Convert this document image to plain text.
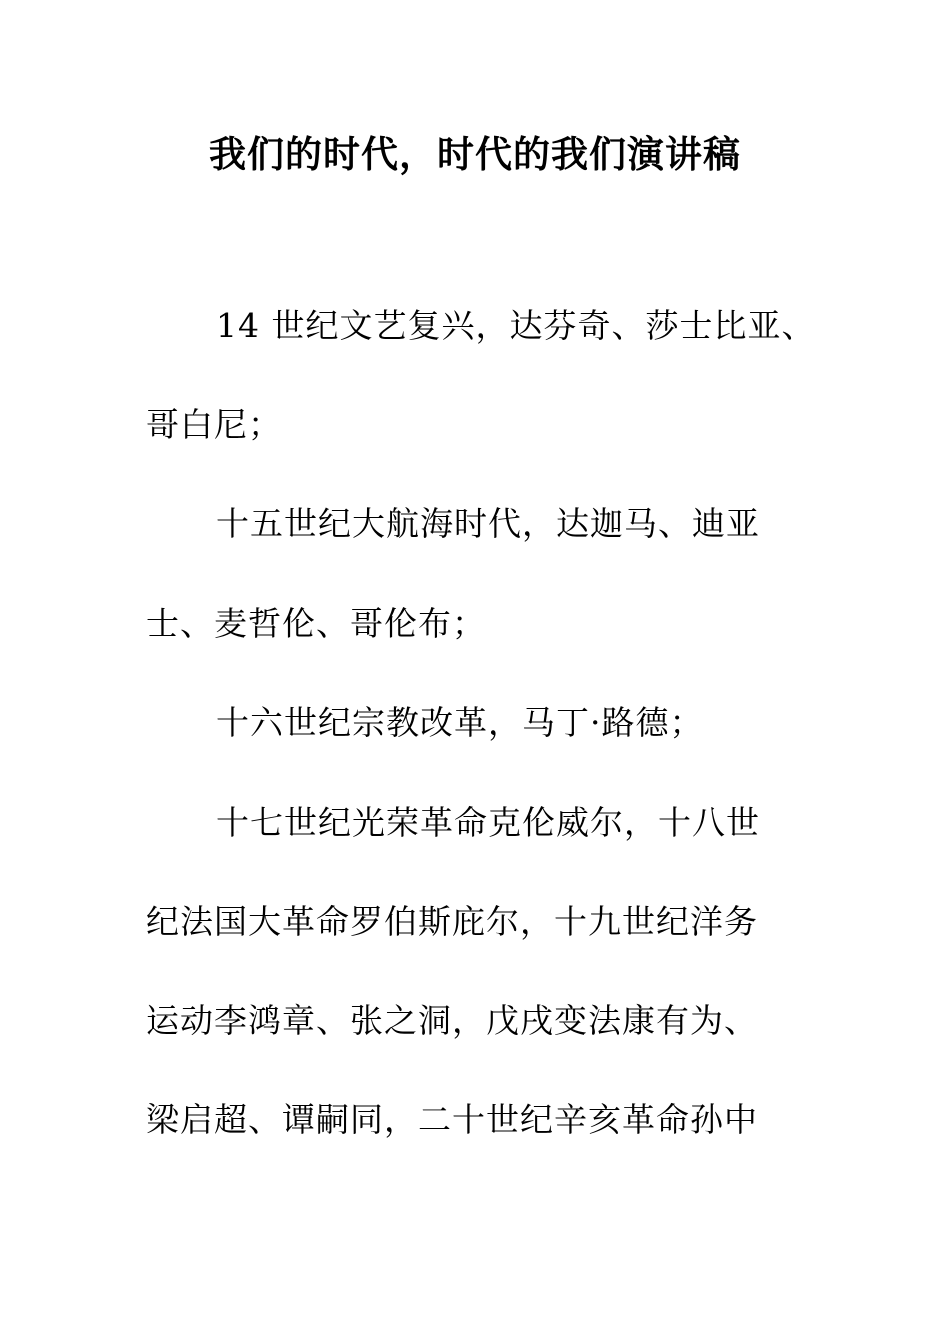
我们的时代，时代的我们演讲稿
14 世纪文艺复兴，达芬奇、莎士比亚、
哥白尼；
十五世纪大航海时代，达迦马、迪亚
士、麦哲伦、哥伦布；
十六世纪宗教改革，马丁·路德；
十七世纪光荣革命克伦威尔，十八世
纪法国大革命罗伯斯庇尔，十九世纪洋务
运动李鸿章、张之洞，戊戌变法康有为、
梁启超、谭嗣同，二十世纪辛亥革命孙中
